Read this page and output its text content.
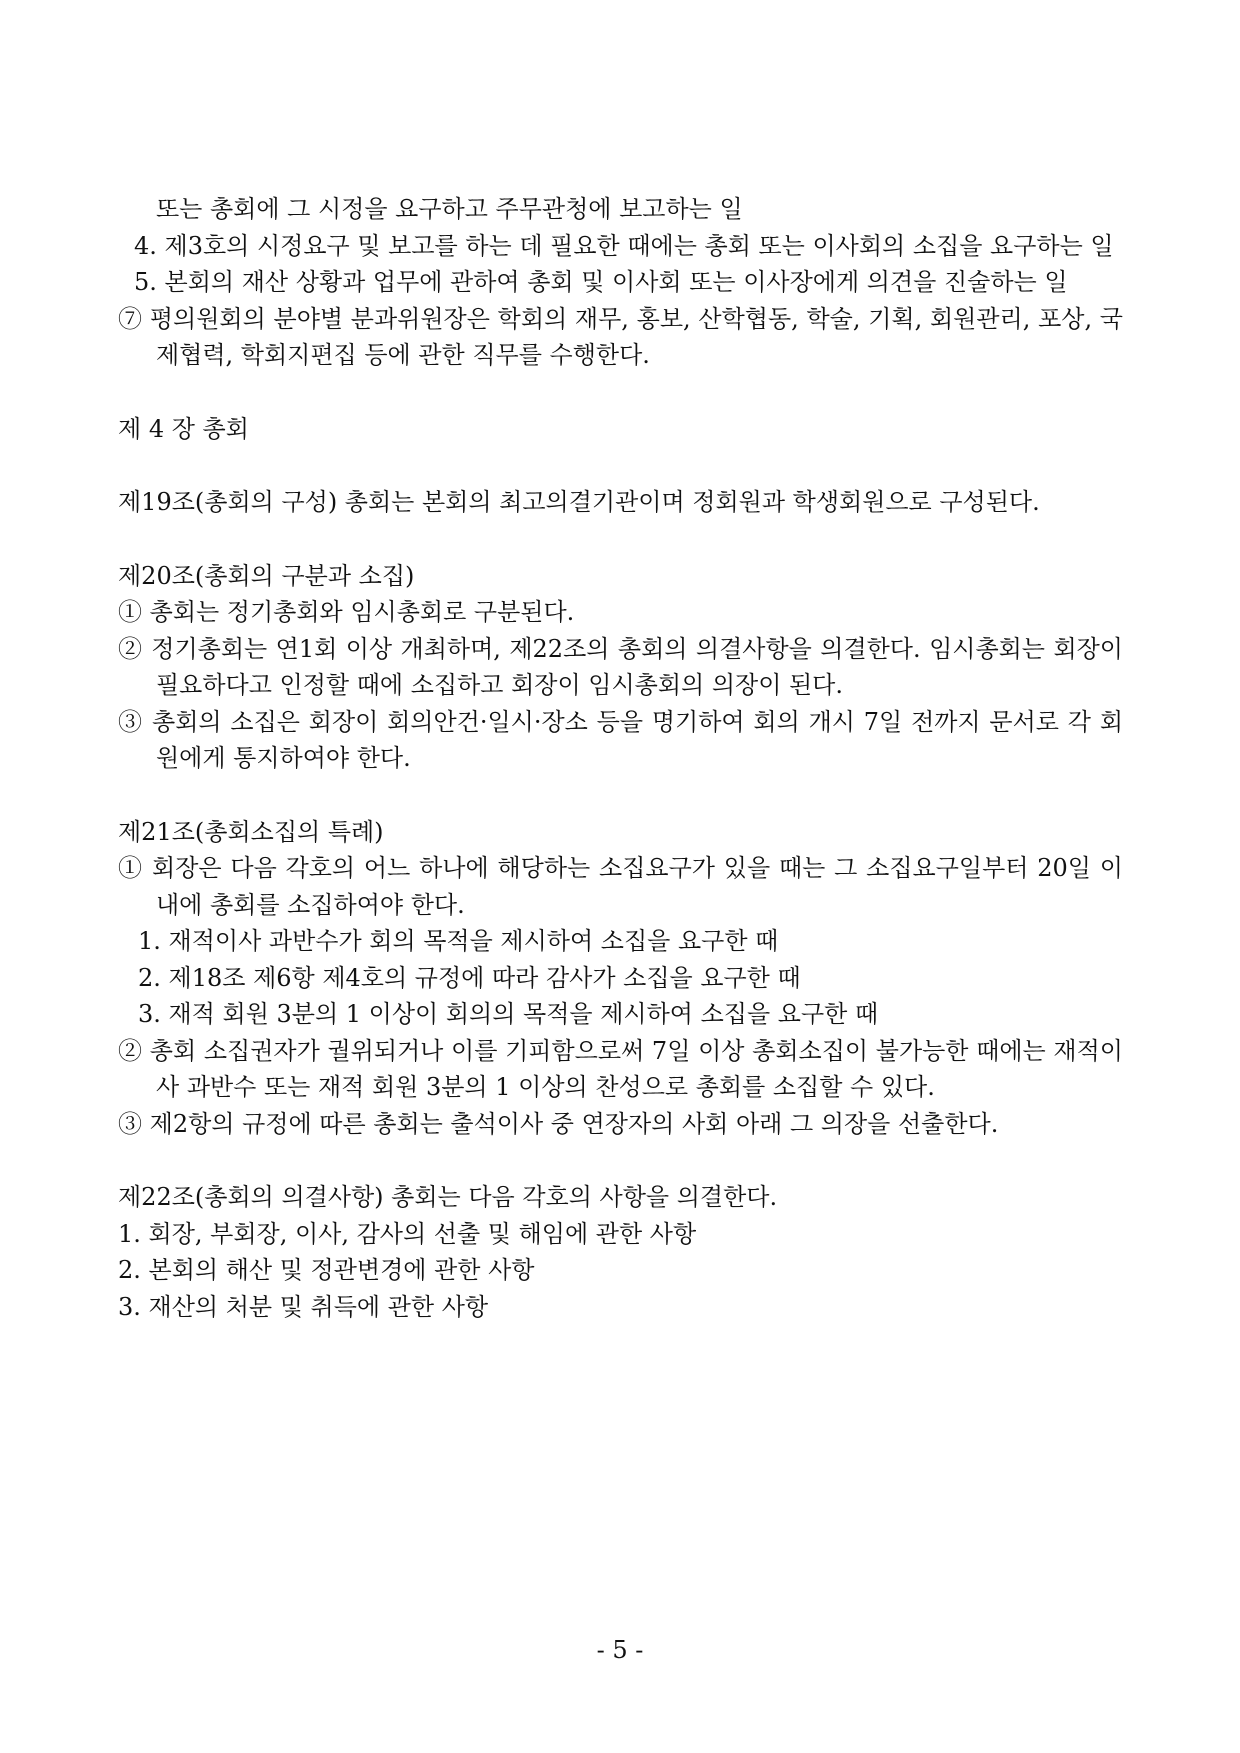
또는 총회에 그 시정을 요구하고 주무관청에 보고하는 일

4. 제3호의 시정요구 및 보고를 하는 데 필요한 때에는 총회 또는 이사회의 소집을 요구하는 일

5. 본회의 재산 상황과 업무에 관하여 총회 및 이사회 또는 이사장에게 의견을 진술하는 일

⑦ 평의원회의 분야별 분과위원장은 학회의 재무, 홍보, 산학협동, 학술, 기획, 회원관리, 포상, 국제협력, 학회지편집 등에 관한 직무를 수행한다.

제 4 장 총회

제19조(총회의 구성) 총회는 본회의 최고의결기관이며 정회원과 학생회원으로 구성된다.

제20조(총회의 구분과 소집)

① 총회는 정기총회와 임시총회로 구분된다.

② 정기총회는 연1회 이상 개최하며, 제22조의 총회의 의결사항을 의결한다. 임시총회는 회장이 필요하다고 인정할 때에 소집하고 회장이 임시총회의 의장이 된다.

③ 총회의 소집은 회장이 회의안건·일시·장소 등을 명기하여 회의 개시 7일 전까지 문서로 각 회원에게 통지하여야 한다.

제21조(총회소집의 특례)

① 회장은 다음 각호의 어느 하나에 해당하는 소집요구가 있을 때는 그 소집요구일부터 20일 이내에 총회를 소집하여야 한다.

1. 재적이사 과반수가 회의 목적을 제시하여 소집을 요구한 때

2. 제18조 제6항 제4호의 규정에 따라 감사가 소집을 요구한 때

3. 재적 회원 3분의 1 이상이 회의의 목적을 제시하여 소집을 요구한 때

② 총회 소집권자가 궐위되거나 이를 기피함으로써 7일 이상 총회소집이 불가능한 때에는 재적이사 과반수 또는 재적 회원 3분의 1 이상의 찬성으로 총회를 소집할 수 있다.

③ 제2항의 규정에 따른 총회는 출석이사 중 연장자의 사회 아래 그 의장을 선출한다.

제22조(총회의 의결사항) 총회는 다음 각호의 사항을 의결한다.

1. 회장, 부회장, 이사, 감사의 선출 및 해임에 관한 사항

2. 본회의 해산 및 정관변경에 관한 사항

3. 재산의 처분 및 취득에 관한 사항

- 5 -
